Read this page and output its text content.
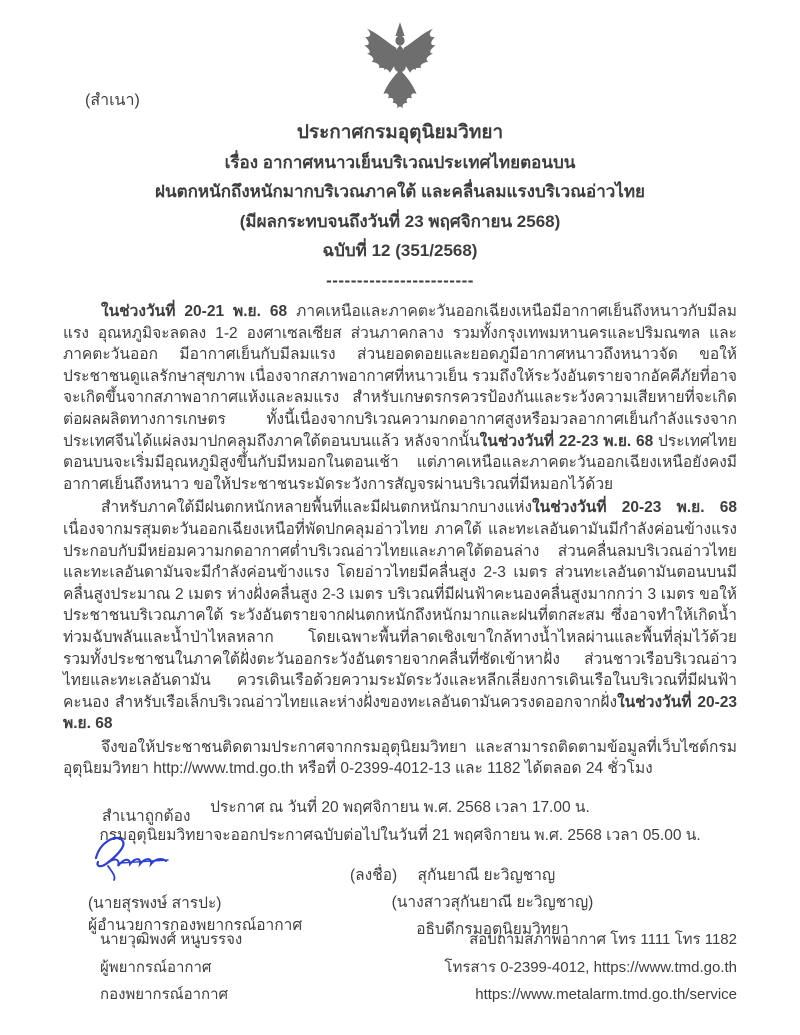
(สำเนา)
ประกาศกรมอุตุนิยมวิทยา
เรื่อง อากาศหนาวเย็นบริเวณประเทศไทยตอนบน
ฝนตกหนักถึงหนักมากบริเวณภาคใต้ และคลื่นลมแรงบริเวณอ่าวไทย
(มีผลกระทบจนถึงวันที่ 23 พฤศจิกายน 2568)
ฉบับที่ 12 (351/2568)
------------------------

ในช่วงวันที่ 20-21 พ.ย. 68 ภาคเหนือและภาคตะวันออกเฉียงเหนือมีอากาศเย็นถึงหนาวกับมีลมแรง อุณหภูมิจะลดลง 1-2 องศาเซลเซียส ส่วนภาคกลาง รวมทั้งกรุงเทพมหานครและปริมณฑล และภาคตะวันออก มีอากาศเย็นกับมีลมแรง ส่วนยอดดอยและยอดภูมีอากาศหนาวถึงหนาวจัด ขอให้ประชาชนดูแลรักษาสุขภาพ เนื่องจากสภาพอากาศที่หนาวเย็น รวมถึงให้ระวังอันตรายจากอัคคีภัยที่อาจจะเกิดขึ้นจากสภาพอากาศแห้งและลมแรง สำหรับเกษตรกรควรป้องกันและระวังความเสียหายที่จะเกิดต่อผลผลิตทางการเกษตร ทั้งนี้เนื่องจากบริเวณความกดอากาศสูงหรือมวลอากาศเย็นกำลังแรงจากประเทศจีนได้แผ่ลงมาปกคลุมถึงภาคใต้ตอนบนแล้ว หลังจากนั้นในช่วงวันที่ 22-23 พ.ย. 68 ประเทศไทยตอนบนจะเริ่มมีอุณหภูมิสูงขึ้นกับมีหมอกในตอนเช้า แต่ภาคเหนือและภาคตะวันออกเฉียงเหนือยังคงมีอากาศเย็นถึงหนาว ขอให้ประชาชนระมัดระวังการสัญจรผ่านบริเวณที่มีหมอกไว้ด้วย

สำหรับภาคใต้มีฝนตกหนักหลายพื้นที่และมีฝนตกหนักมากบางแห่งในช่วงวันที่ 20-23 พ.ย. 68 เนื่องจากมรสุมตะวันออกเฉียงเหนือที่พัดปกคลุมอ่าวไทย ภาคใต้ และทะเลอันดามันมีกำลังค่อนข้างแรง ประกอบกับมีหย่อมความกดอากาศต่ำบริเวณอ่าวไทยและภาคใต้ตอนล่าง ส่วนคลื่นลมบริเวณอ่าวไทยและทะเลอันดามันจะมีกำลังค่อนข้างแรง โดยอ่าวไทยมีคลื่นสูง 2-3 เมตร ส่วนทะเลอันดามันตอนบนมีคลื่นสูงประมาณ 2 เมตร ห่างฝั่งคลื่นสูง 2-3 เมตร บริเวณที่มีฝนฟ้าคะนองคลื่นสูงมากกว่า 3 เมตร ขอให้ประชาชนบริเวณภาคใต้ ระวังอันตรายจากฝนตกหนักถึงหนักมากและฝนที่ตกสะสม ซึ่งอาจทำให้เกิดน้ำท่วมฉับพลันและน้ำป่าไหลหลาก โดยเฉพาะพื้นที่ลาดเชิงเขาใกล้ทางน้ำไหลผ่านและพื้นที่ลุ่มไว้ด้วย รวมทั้งประชาชนในภาคใต้ฝั่งตะวันออกระวังอันตรายจากคลื่นที่ซัดเข้าหาฝั่ง ส่วนชาวเรือบริเวณอ่าวไทยและทะเลอันดามัน ควรเดินเรือด้วยความระมัดระวังและหลีกเลี่ยงการเดินเรือในบริเวณที่มีฝนฟ้าคะนอง สำหรับเรือเล็กบริเวณอ่าวไทยและห่างฝั่งของทะเลอันดามันควรงดออกจากฝั่งในช่วงวันที่ 20-23 พ.ย. 68

จึงขอให้ประชาชนติดตามประกาศจากกรมอุตุนิยมวิทยา และสามารถติดตามข้อมูลที่เว็บไซต์กรมอุตุนิยมวิทยา http://www.tmd.go.th หรือที่ 0-2399-4012-13 และ 1182 ได้ตลอด 24 ชั่วโมง

ประกาศ ณ วันที่ 20 พฤศจิกายน พ.ศ. 2568 เวลา 17.00 น.
กรมอุตุนิยมวิทยาจะออกประกาศฉบับต่อไปในวันที่ 21 พฤศจิกายน พ.ศ. 2568 เวลา 05.00 น.
(ลงชื่อ) สุกันยาณี ยะวิญชาญ
(นางสาวสุกันยาณี ยะวิญชาญ)
อธิบดีกรมอุตุนิยมวิทยา
สำเนาถูกต้อง
(นายสุรพงษ์ สารปะ)
ผู้อำนวยการกองพยากรณ์อากาศ
นายวุฒิพงศ์ หนูบรรจง
ผู้พยากรณ์อากาศ
กองพยากรณ์อากาศ
สอบถามสภาพอากาศ โทร 1111 โทร 1182
โทรสาร 0-2399-4012, https://www.tmd.go.th
https://www.metalarm.tmd.go.th/service
